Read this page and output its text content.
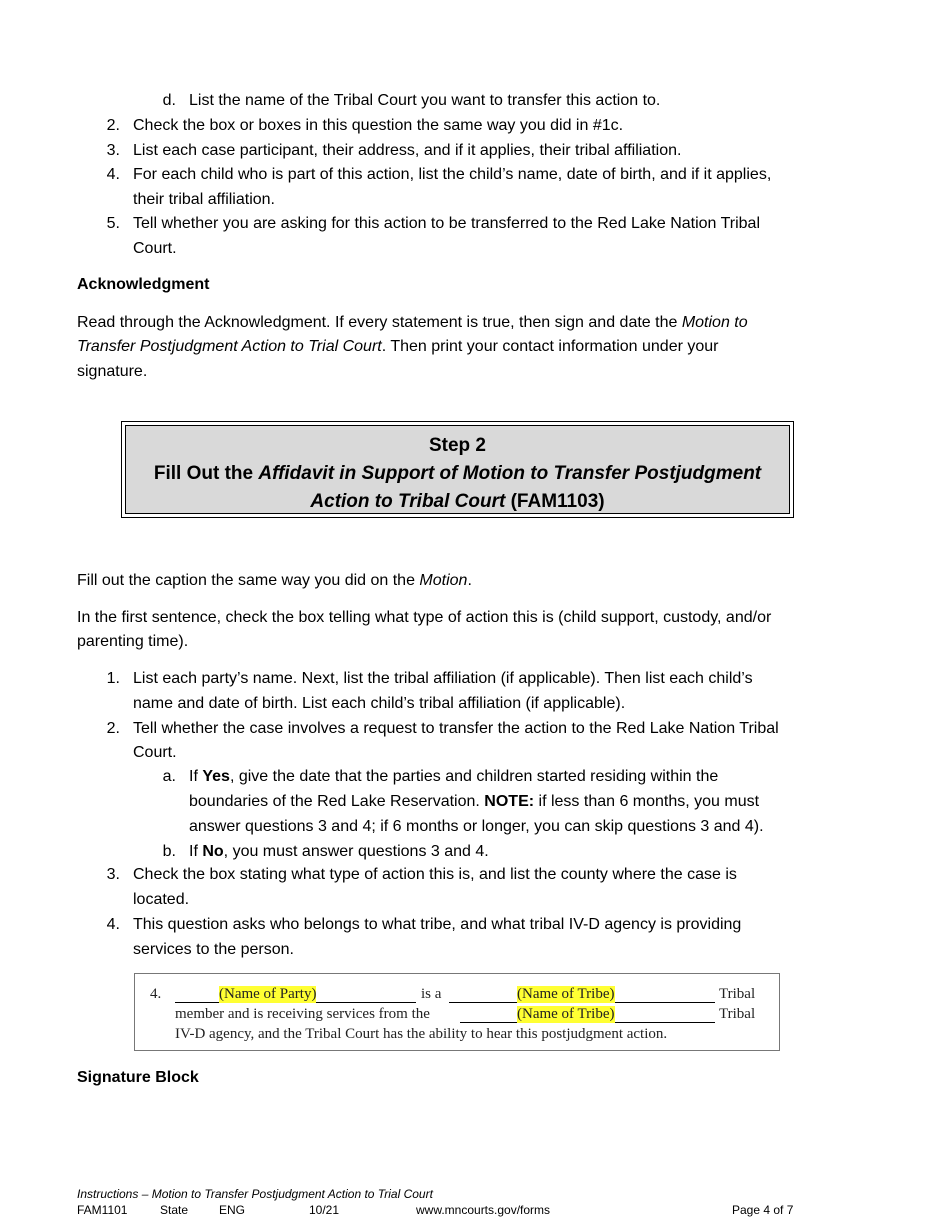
d. List the name of the Tribal Court you want to transfer this action to.
2. Check the box or boxes in this question the same way you did in #1c.
3. List each case participant, their address, and if it applies, their tribal affiliation.
4. For each child who is part of this action, list the child’s name, date of birth, and if it applies,
their tribal affiliation.
5. Tell whether you are asking for this action to be transferred to the Red Lake Nation Tribal
Court.
Acknowledgment
Read through the Acknowledgment. If every statement is true, then sign and date the Motion to
Transfer Postjudgment Action to Trial Court. Then print your contact information under your
signature.
Step 2
Fill Out the Affidavit in Support of Motion to Transfer Postjudgment
Action to Tribal Court (FAM1103)
Fill out the caption the same way you did on the Motion.
In the first sentence, check the box telling what type of action this is (child support, custody, and/or
parenting time).
1. List each party’s name. Next, list the tribal affiliation (if applicable). Then list each child’s
name and date of birth. List each child’s tribal affiliation (if applicable).
2. Tell whether the case involves a request to transfer the action to the Red Lake Nation Tribal
Court.
a. If Yes, give the date that the parties and children started residing within the
boundaries of the Red Lake Reservation. NOTE: if less than 6 months, you must
answer questions 3 and 4; if 6 months or longer, you can skip questions 3 and 4).
b. If No, you must answer questions 3 and 4.
3. Check the box stating what type of action this is, and list the county where the case is
located.
4. This question asks who belongs to what tribe, and what tribal IV-D agency is providing
services to the person.
4.	(Name of Party)	is a	(Name of Tribe)	Tribal
member and is receiving services from the	(Name of Tribe)	Tribal
IV-D agency, and the Tribal Court has the ability to hear this postjudgment action.
Signature Block
Instructions – Motion to Transfer Postjudgment Action to Trial Court
FAM1101	State	ENG	10/21	www.mncourts.gov/forms	Page 4 of 7
